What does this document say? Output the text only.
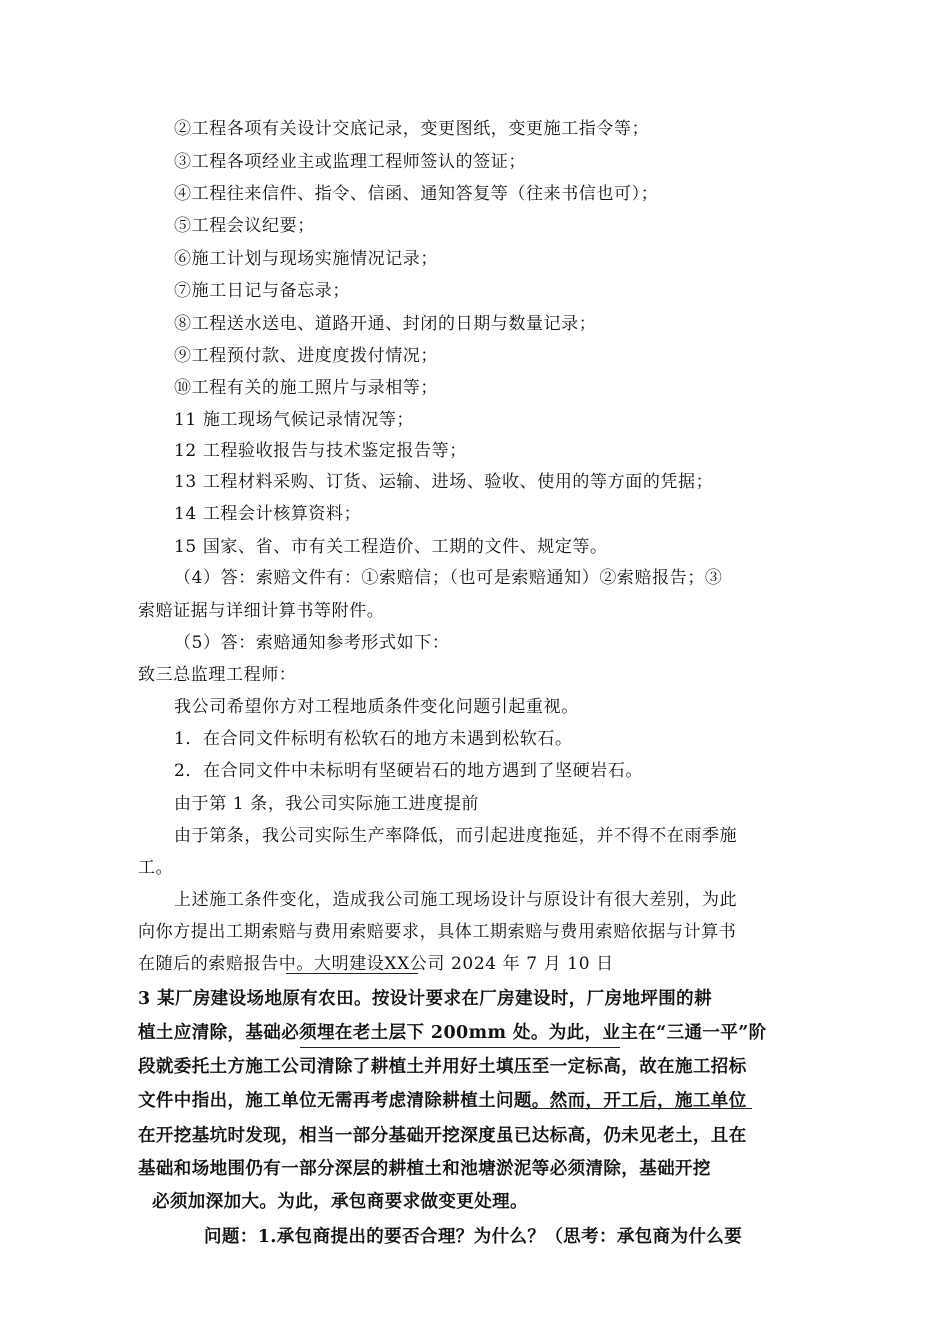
②工程各项有关设计交底记录，变更图纸，变更施工指令等；
③工程各项经业主或监理工程师签认的签证；
④工程往来信件、指令、信函、通知答复等（往来书信也可）；
⑤工程会议纪要；
⑥施工计划与现场实施情况记录；
⑦施工日记与备忘录；
⑧工程送水送电、道路开通、封闭的日期与数量记录；
⑨工程预付款、进度度拨付情况；
⑩工程有关的施工照片与录相等；
11 施工现场气候记录情况等；
12 工程验收报告与技术鉴定报告等；
13 工程材料采购、订货、运输、进场、验收、使用的等方面的凭据；
14 工程会计核算资料；
15 国家、省、市有关工程造价、工期的文件、规定等。
（4）答：索赔文件有：①索赔信；（也可是索赔通知）②索赔报告；③
索赔证据与详细计算书等附件。
（5）答：索赔通知参考形式如下：
致三总监理工程师：
我公司希望你方对工程地质条件变化问题引起重视。
1．在合同文件标明有松软石的地方未遇到松软石。
2．在合同文件中未标明有坚硬岩石的地方遇到了坚硬岩石。
由于第 1 条，我公司实际施工进度提前
由于第条，我公司实际生产率降低，而引起进度拖延，并不得不在雨季施
工。
上述施工条件变化，造成我公司施工现场设计与原设计有很大差别，为此
向你方提出工期索赔与费用索赔要求，具体工期索赔与费用索赔依据与计算书
在随后的索赔报告中。大明建设XX公司 2024 年 7 月 10 日
3 某厂房建设场地原有农田。按设计要求在厂房建设时，厂房地坪围的耕
植土应清除，基础必须埋在老土层下 200mm 处。为此，业主在“三通一平”阶
段就委托土方施工公司清除了耕植土并用好土填压至一定标高，故在施工招标
文件中指出，施工单位无需再考虑清除耕植土问题。然而，开工后，施工单位
在开挖基坑时发现，相当一部分基础开挖深度虽已达标高，仍未见老土，且在
基础和场地围仍有一部分深层的耕植土和池塘淤泥等必须清除，基础开挖
必须加深加大。为此，承包商要求做变更处理。
问题：1.承包商提出的要否合理？为什么？（思考：承包商为什么要
